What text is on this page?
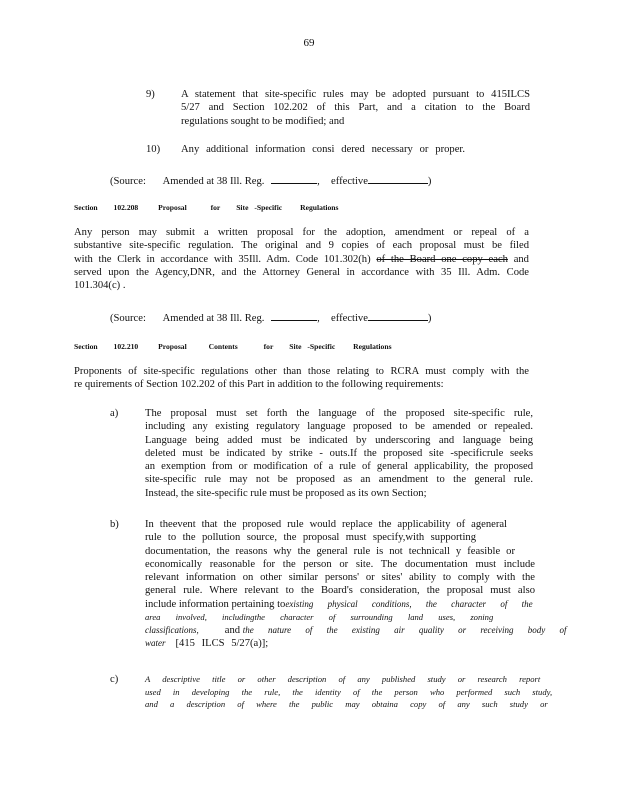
69
9) A statement that site-specific rules may be adopted pursuant to 415ILCS
5/27 and Section 102.202 of this Part, and a citation to the Board
regulations sought to be modified; and
10) Any additional information consi dered necessary or proper.
(Source: Amended at 38 Ill. Reg.	, effective	)
Section 102.208	Proposal	for Site -Specific Regulations
Any person may submit a written proposal for the adoption, amendment or repeal of a
substantive site-specific regulation. The original and 9 copies of each proposal must be filed
with the Clerk in accordance with 35Ill. Adm. Code 101.302(h) of the Board one copy each and
served upon the Agency,DNR, and the Attorney General in accordance with 35 Ill. Adm. Code
101.304(c) .
(Source: Amended at 38 Ill. Reg.	, effective	)
Section 102.210	Proposal	Contents	for Site -Specific Regulations
Proponents of site-specific regulations other than those relating to RCRA must comply with the
re quirements of Section 102.202 of this Part in addition to the following requirements:
a)	The proposal must set forth the language of the proposed site-specific rule,
including any existing regulatory language proposed to be amended or repealed.
Language being added must be indicated by underscoring and language being
deleted must be indicated by strike - outs.If the proposed site -specificrule seeks
an exemption from or modification of a rule of general applicability, the proposed
site-specific rule may not be proposed as an amendment to the general rule.
Instead, the site-specific rule must be proposed as its own Section;
b) In theevent that the proposed rule would replace the applicability of ageneral
rule to the pollution source, the proposal must specify,with supporting
documentation, the reasons why the general rule is not technicall y feasible or
economically reasonable for the person or site. The documentation must include
relevant information on other similar persons' or sites' ability to comply with the
general rule. Where relevant to the Board's consideration, the proposal must also
include information pertaining toexisting physical conditions, the character of the
area involved, includingthe character of surrounding land uses, zoning
classifications, and the nature of the existing air quality or receiving body of
water [415 ILCS 5/27(a)];
c)	A descriptive title or other description of any published study or research report
used in developing the rule, the identity of the person who performed such study,
and a description of where the public may obtaina copy of any such study or
